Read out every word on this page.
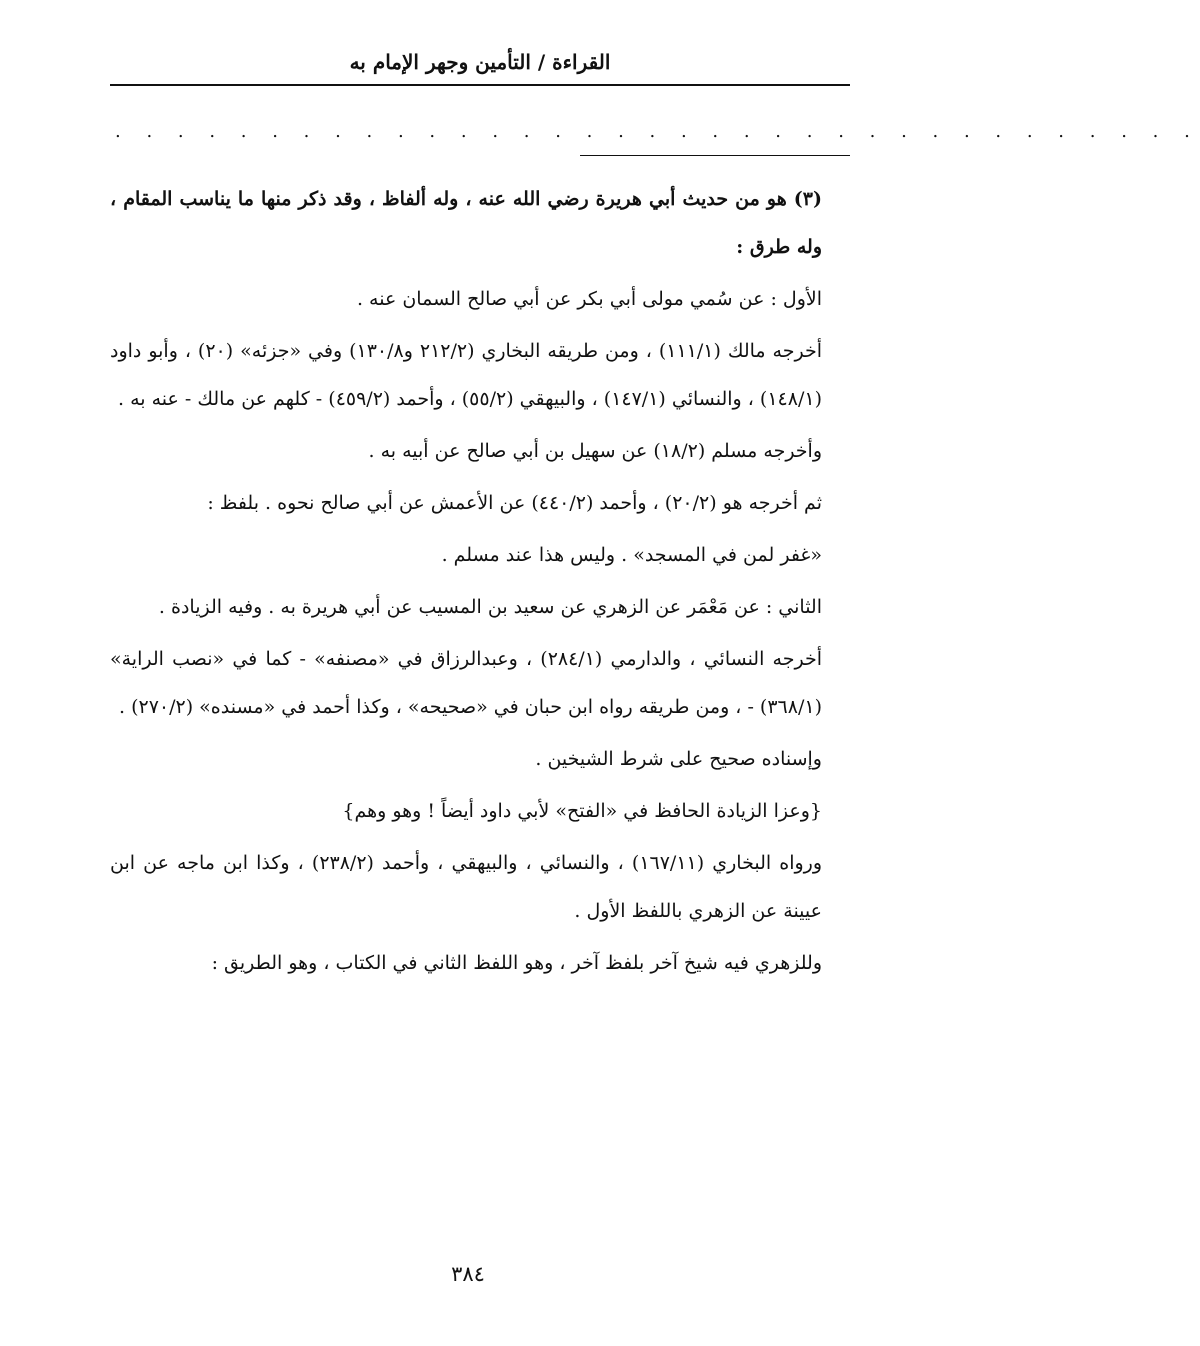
القراءة / التأمين وجهر الإمام به
. . . . . . . . . . . . . . . . . . . . . . . . . . . . . . . . . . .

(٣) هو من حديث أبي هريرة رضي الله عنه ، وله ألفاظ ، وقد ذكر منها ما يناسب المقام ، وله طرق :

الأول : عن سُمي مولى أبي بكر عن أبي صالح السمان عنه .

أخرجه مالك (١١١/١) ، ومن طريقه البخاري (٢١٢/٢ و١٣٠/٨) وفي «جزئه» (٢٠) ، وأبو داود (١٤٨/١) ، والنسائي (١٤٧/١) ، والبيهقي (٥٥/٢) ، وأحمد (٤٥٩/٢) - كلهم عن مالك - عنه به .

وأخرجه مسلم (١٨/٢) عن سهيل بن أبي صالح عن أبيه به .

ثم أخرجه هو (٢٠/٢) ، وأحمد (٤٤٠/٢) عن الأعمش عن أبي صالح نحوه . بلفظ :

«غفر لمن في المسجد» . وليس هذا عند مسلم .

الثاني : عن مَعْمَر عن الزهري عن سعيد بن المسيب عن أبي هريرة به . وفيه الزيادة .

أخرجه النسائي ، والدارمي (٢٨٤/١) ، وعبدالرزاق في «مصنفه» - كما في «نصب الراية» (٣٦٨/١) - ، ومن طريقه رواه ابن حبان في «صحيحه» ، وكذا أحمد في «مسنده» (٢٧٠/٢) .

وإسناده صحيح على شرط الشيخين .

{وعزا الزيادة الحافظ في «الفتح» لأبي داود أيضاً ! وهو وهم}

ورواه البخاري (١٦٧/١١) ، والنسائي ، والبيهقي ، وأحمد (٢٣٨/٢) ، وكذا ابن ماجه عن ابن عيينة عن الزهري باللفظ الأول .

وللزهري فيه شيخ آخر بلفظ آخر ، وهو اللفظ الثاني في الكتاب ، وهو الطريق :

٣٨٤
